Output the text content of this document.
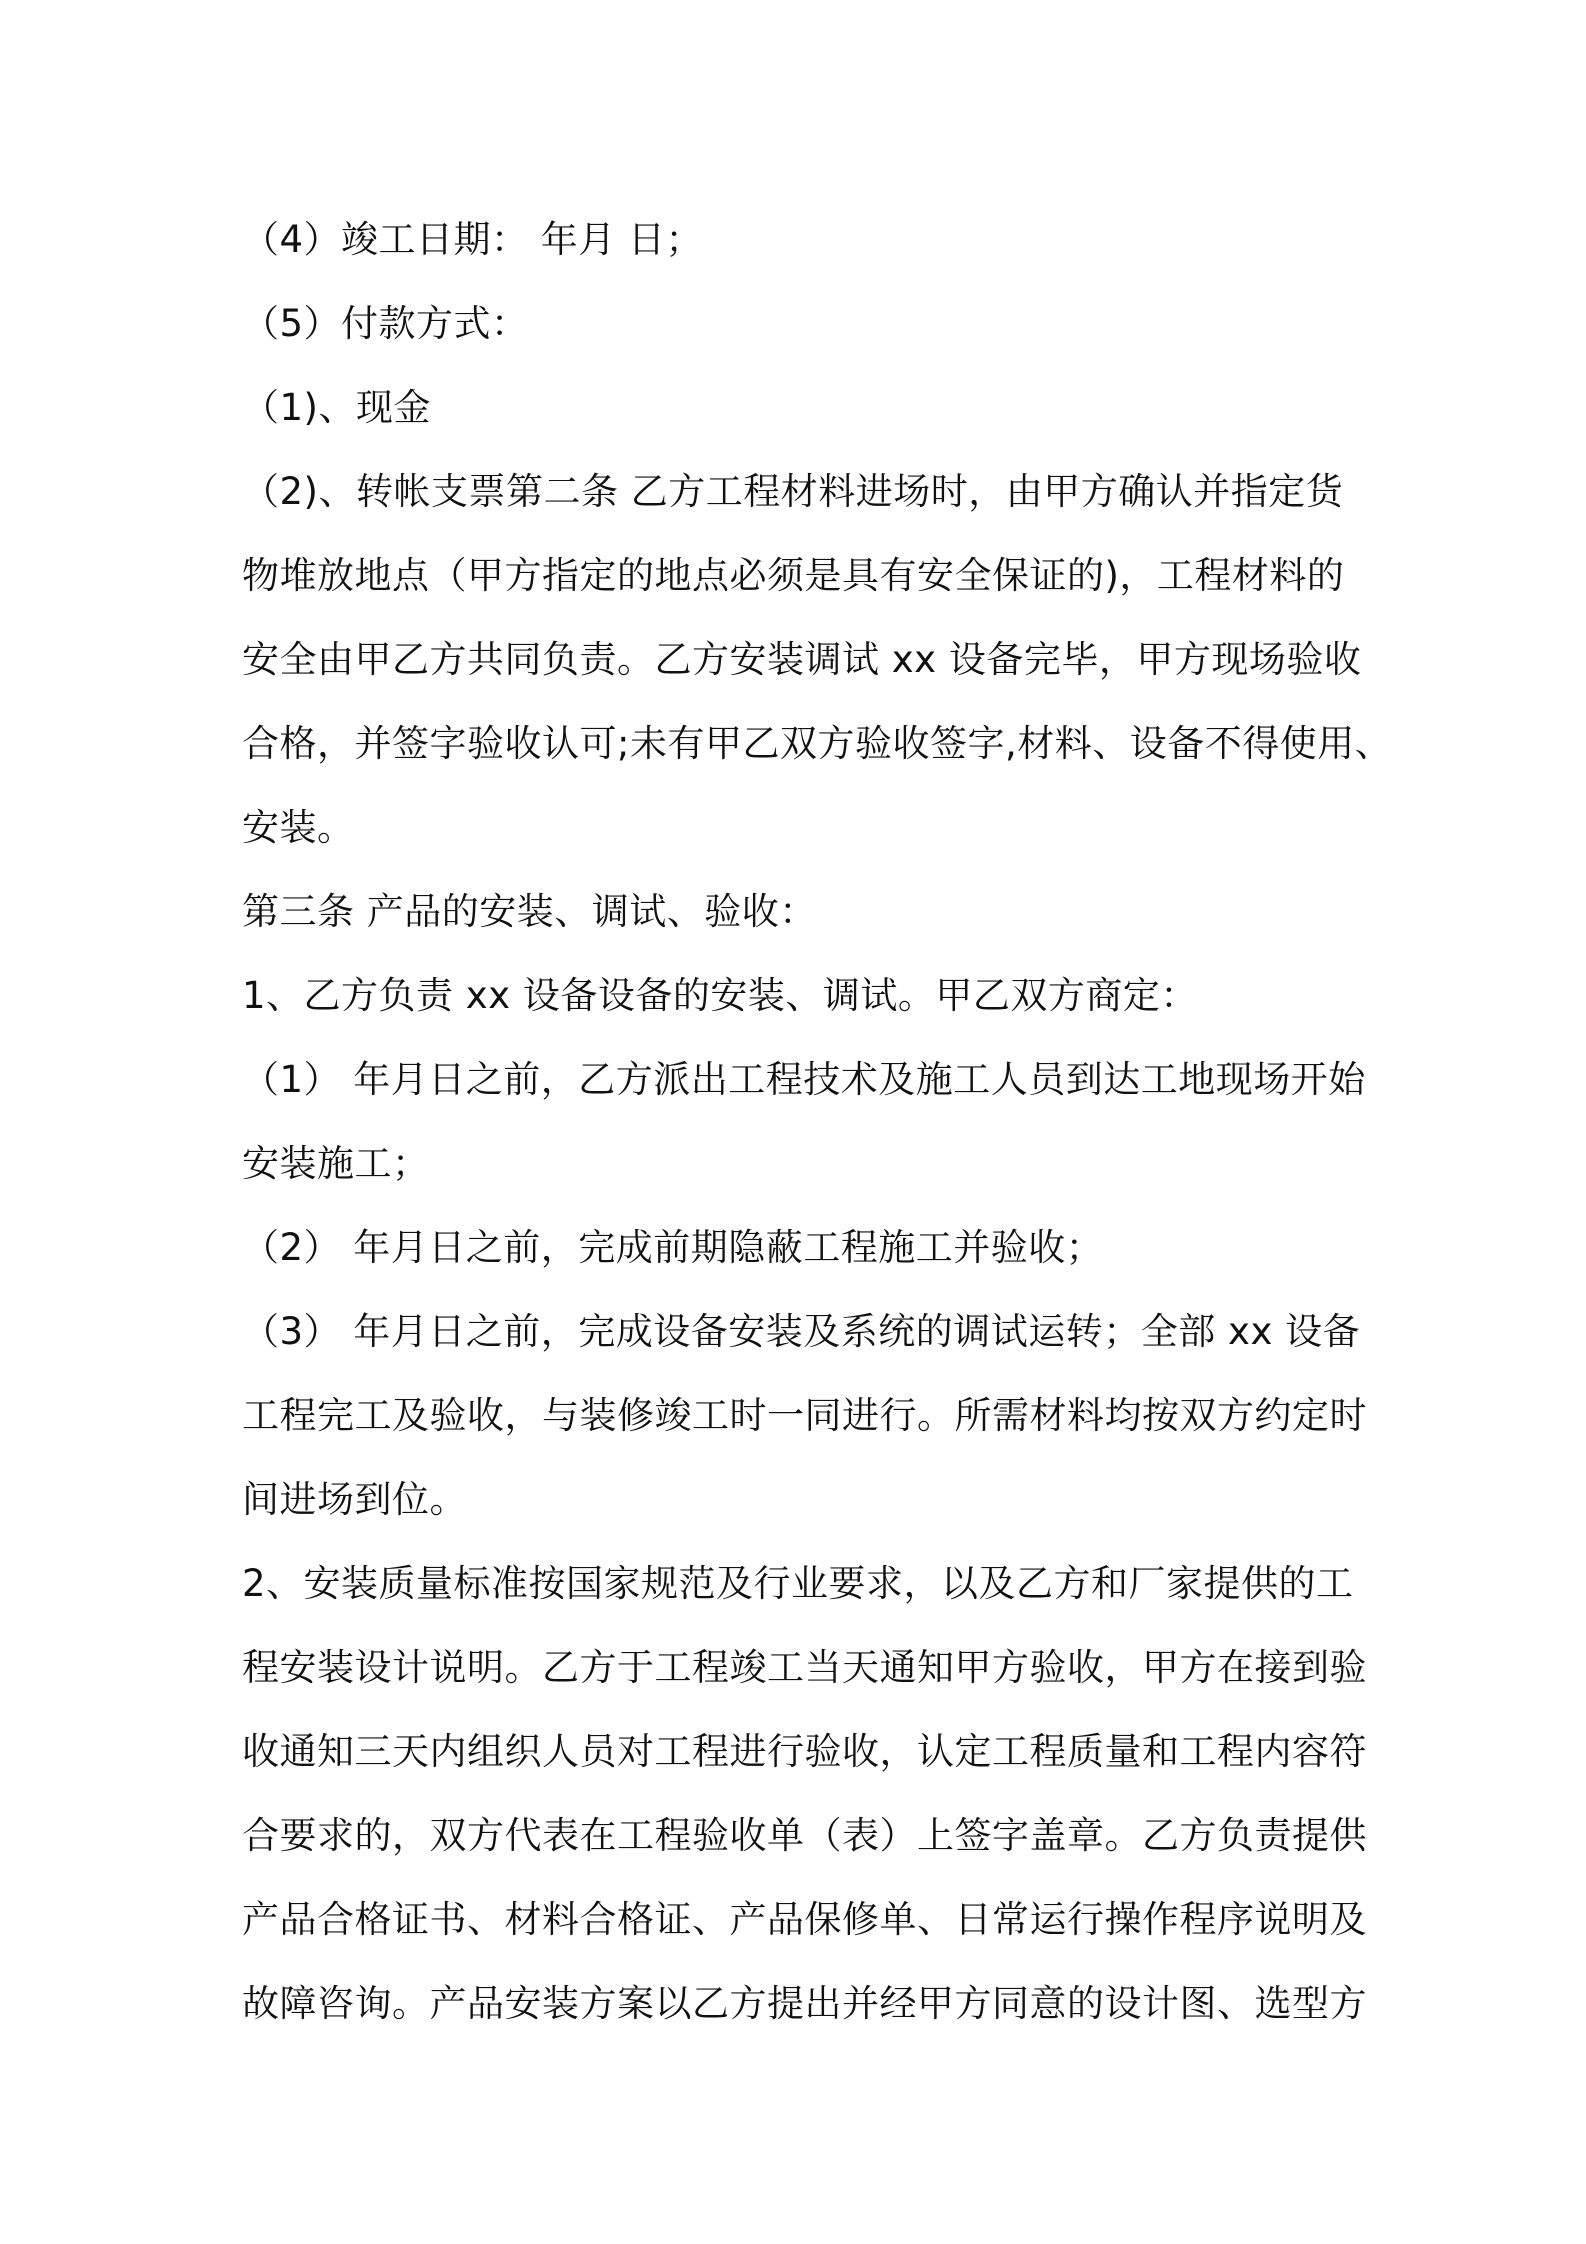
（4）竣工日期： 年月 日；
（5）付款方式：
（1)、现金
（2)、转帐支票第二条 乙方工程材料进场时，由甲方确认并指定货
物堆放地点（甲方指定的地点必须是具有安全保证的)，工程材料的
安全由甲乙方共同负责。乙方安装调试 xx 设备完毕，甲方现场验收
合格，并签字验收认可;未有甲乙双方验收签字,材料、设备不得使用、
安装。
第三条 产品的安装、调试、验收：
1、乙方负责 xx 设备设备的安装、调试。甲乙双方商定：
（1） 年月日之前，乙方派出工程技术及施工人员到达工地现场开始
安装施工；
（2） 年月日之前，完成前期隐蔽工程施工并验收；
（3） 年月日之前，完成设备安装及系统的调试运转；全部 xx 设备
工程完工及验收，与装修竣工时一同进行。所需材料均按双方约定时
间进场到位。
2、安装质量标准按国家规范及行业要求，以及乙方和厂家提供的工
程安装设计说明。乙方于工程竣工当天通知甲方验收，甲方在接到验
收通知三天内组织人员对工程进行验收，认定工程质量和工程内容符
合要求的，双方代表在工程验收单（表）上签字盖章。乙方负责提供
产品合格证书、材料合格证、产品保修单、日常运行操作程序说明及
故障咨询。产品安装方案以乙方提出并经甲方同意的设计图、选型方
